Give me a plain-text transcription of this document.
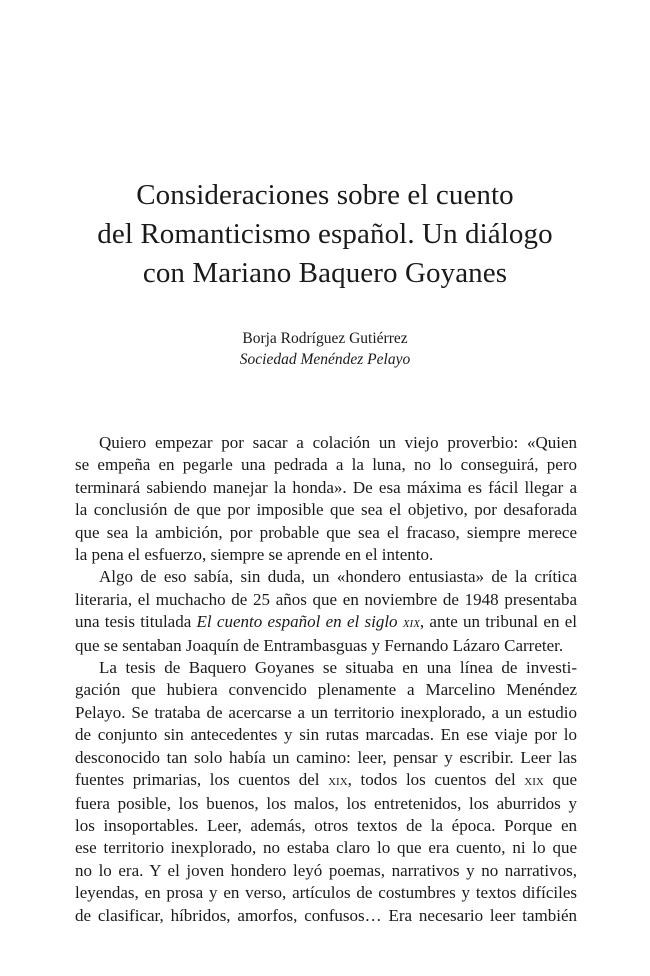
Consideraciones sobre el cuento
del Romanticismo español. Un diálogo
con Mariano Baquero Goyanes
Borja Rodríguez Gutiérrez
Sociedad Menéndez Pelayo
Quiero empezar por sacar a colación un viejo proverbio: «Quien
se empeña en pegarle una pedrada a la luna, no lo conseguirá, pero
terminará sabiendo manejar la honda». De esa máxima es fácil llegar a
la conclusión de que por imposible que sea el objetivo, por desaforada
que sea la ambición, por probable que sea el fracaso, siempre merece
la pena el esfuerzo, siempre se aprende en el intento.
Algo de eso sabía, sin duda, un «hondero entusiasta» de la crítica
literaria, el muchacho de 25 años que en noviembre de 1948 presentaba
una tesis titulada El cuento español en el siglo xix, ante un tribunal en el
que se sentaban Joaquín de Entrambasguas y Fernando Lázaro Carreter.
La tesis de Baquero Goyanes se situaba en una línea de investi-
gación que hubiera convencido plenamente a Marcelino Menéndez
Pelayo. Se trataba de acercarse a un territorio inexplorado, a un estudio
de conjunto sin antecedentes y sin rutas marcadas. En ese viaje por lo
desconocido tan solo había un camino: leer, pensar y escribir. Leer las
fuentes primarias, los cuentos del xix, todos los cuentos del xix que
fuera posible, los buenos, los malos, los entretenidos, los aburridos y
los insoportables. Leer, además, otros textos de la época. Porque en
ese territorio inexplorado, no estaba claro lo que era cuento, ni lo que
no lo era. Y el joven hondero leyó poemas, narrativos y no narrativos,
leyendas, en prosa y en verso, artículos de costumbres y textos difíciles
de clasificar, híbridos, amorfos, confusos… Era necesario leer también
